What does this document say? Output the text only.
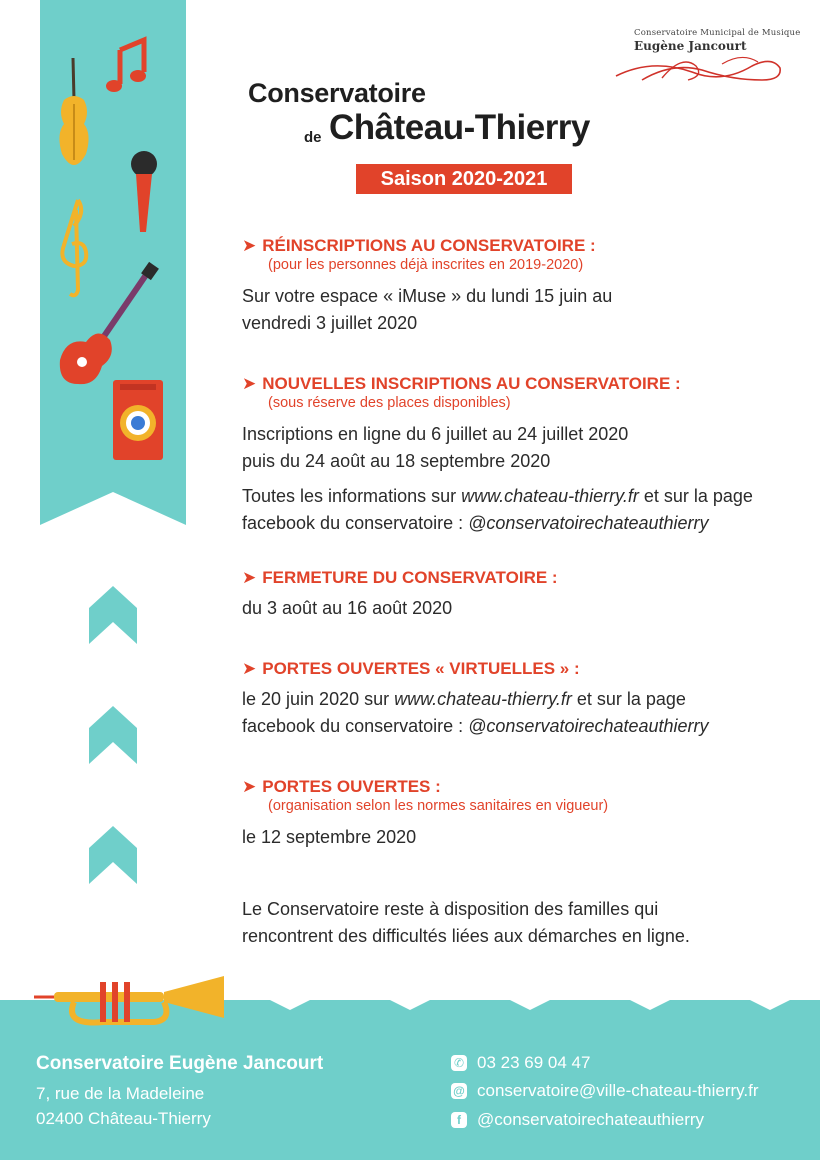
Conservatoire Municipal de Musique
Eugène Jancourt
Conservatoire
de Château-Thierry
Saison 2020-2021
➤ RÉINSCRIPTIONS AU CONSERVATOIRE :
(pour les personnes déjà inscrites en 2019-2020)

Sur votre espace « iMuse » du lundi 15 juin au

vendredi 3 juillet 2020

➤ NOUVELLES INSCRIPTIONS AU CONSERVATOIRE :
(sous réserve des places disponibles)

Inscriptions en ligne du 6 juillet au 24 juillet 2020

puis du 24 août au 18 septembre 2020

Toutes les informations sur www.chateau-thierry.fr et sur la page

facebook du conservatoire : @conservatoirechateauthierry

➤ FERMETURE DU CONSERVATOIRE :

du 3 août au 16 août 2020

➤ PORTES OUVERTES « VIRTUELLES » :

le 20 juin 2020 sur www.chateau-thierry.fr et sur la page

facebook du conservatoire : @conservatoirechateauthierry

➤ PORTES OUVERTES :
(organisation selon les normes sanitaires en vigueur)

le 12 septembre 2020

Le Conservatoire reste à disposition des familles qui

rencontrent des difficultés liées aux démarches en ligne.

Conservatoire Eugène Jancourt
7, rue de la Madeleine
02400 Château-Thierry
✆ 03 23 69 04 47
@ conservatoire@ville-chateau-thierry.fr
f @conservatoirechateauthierry
